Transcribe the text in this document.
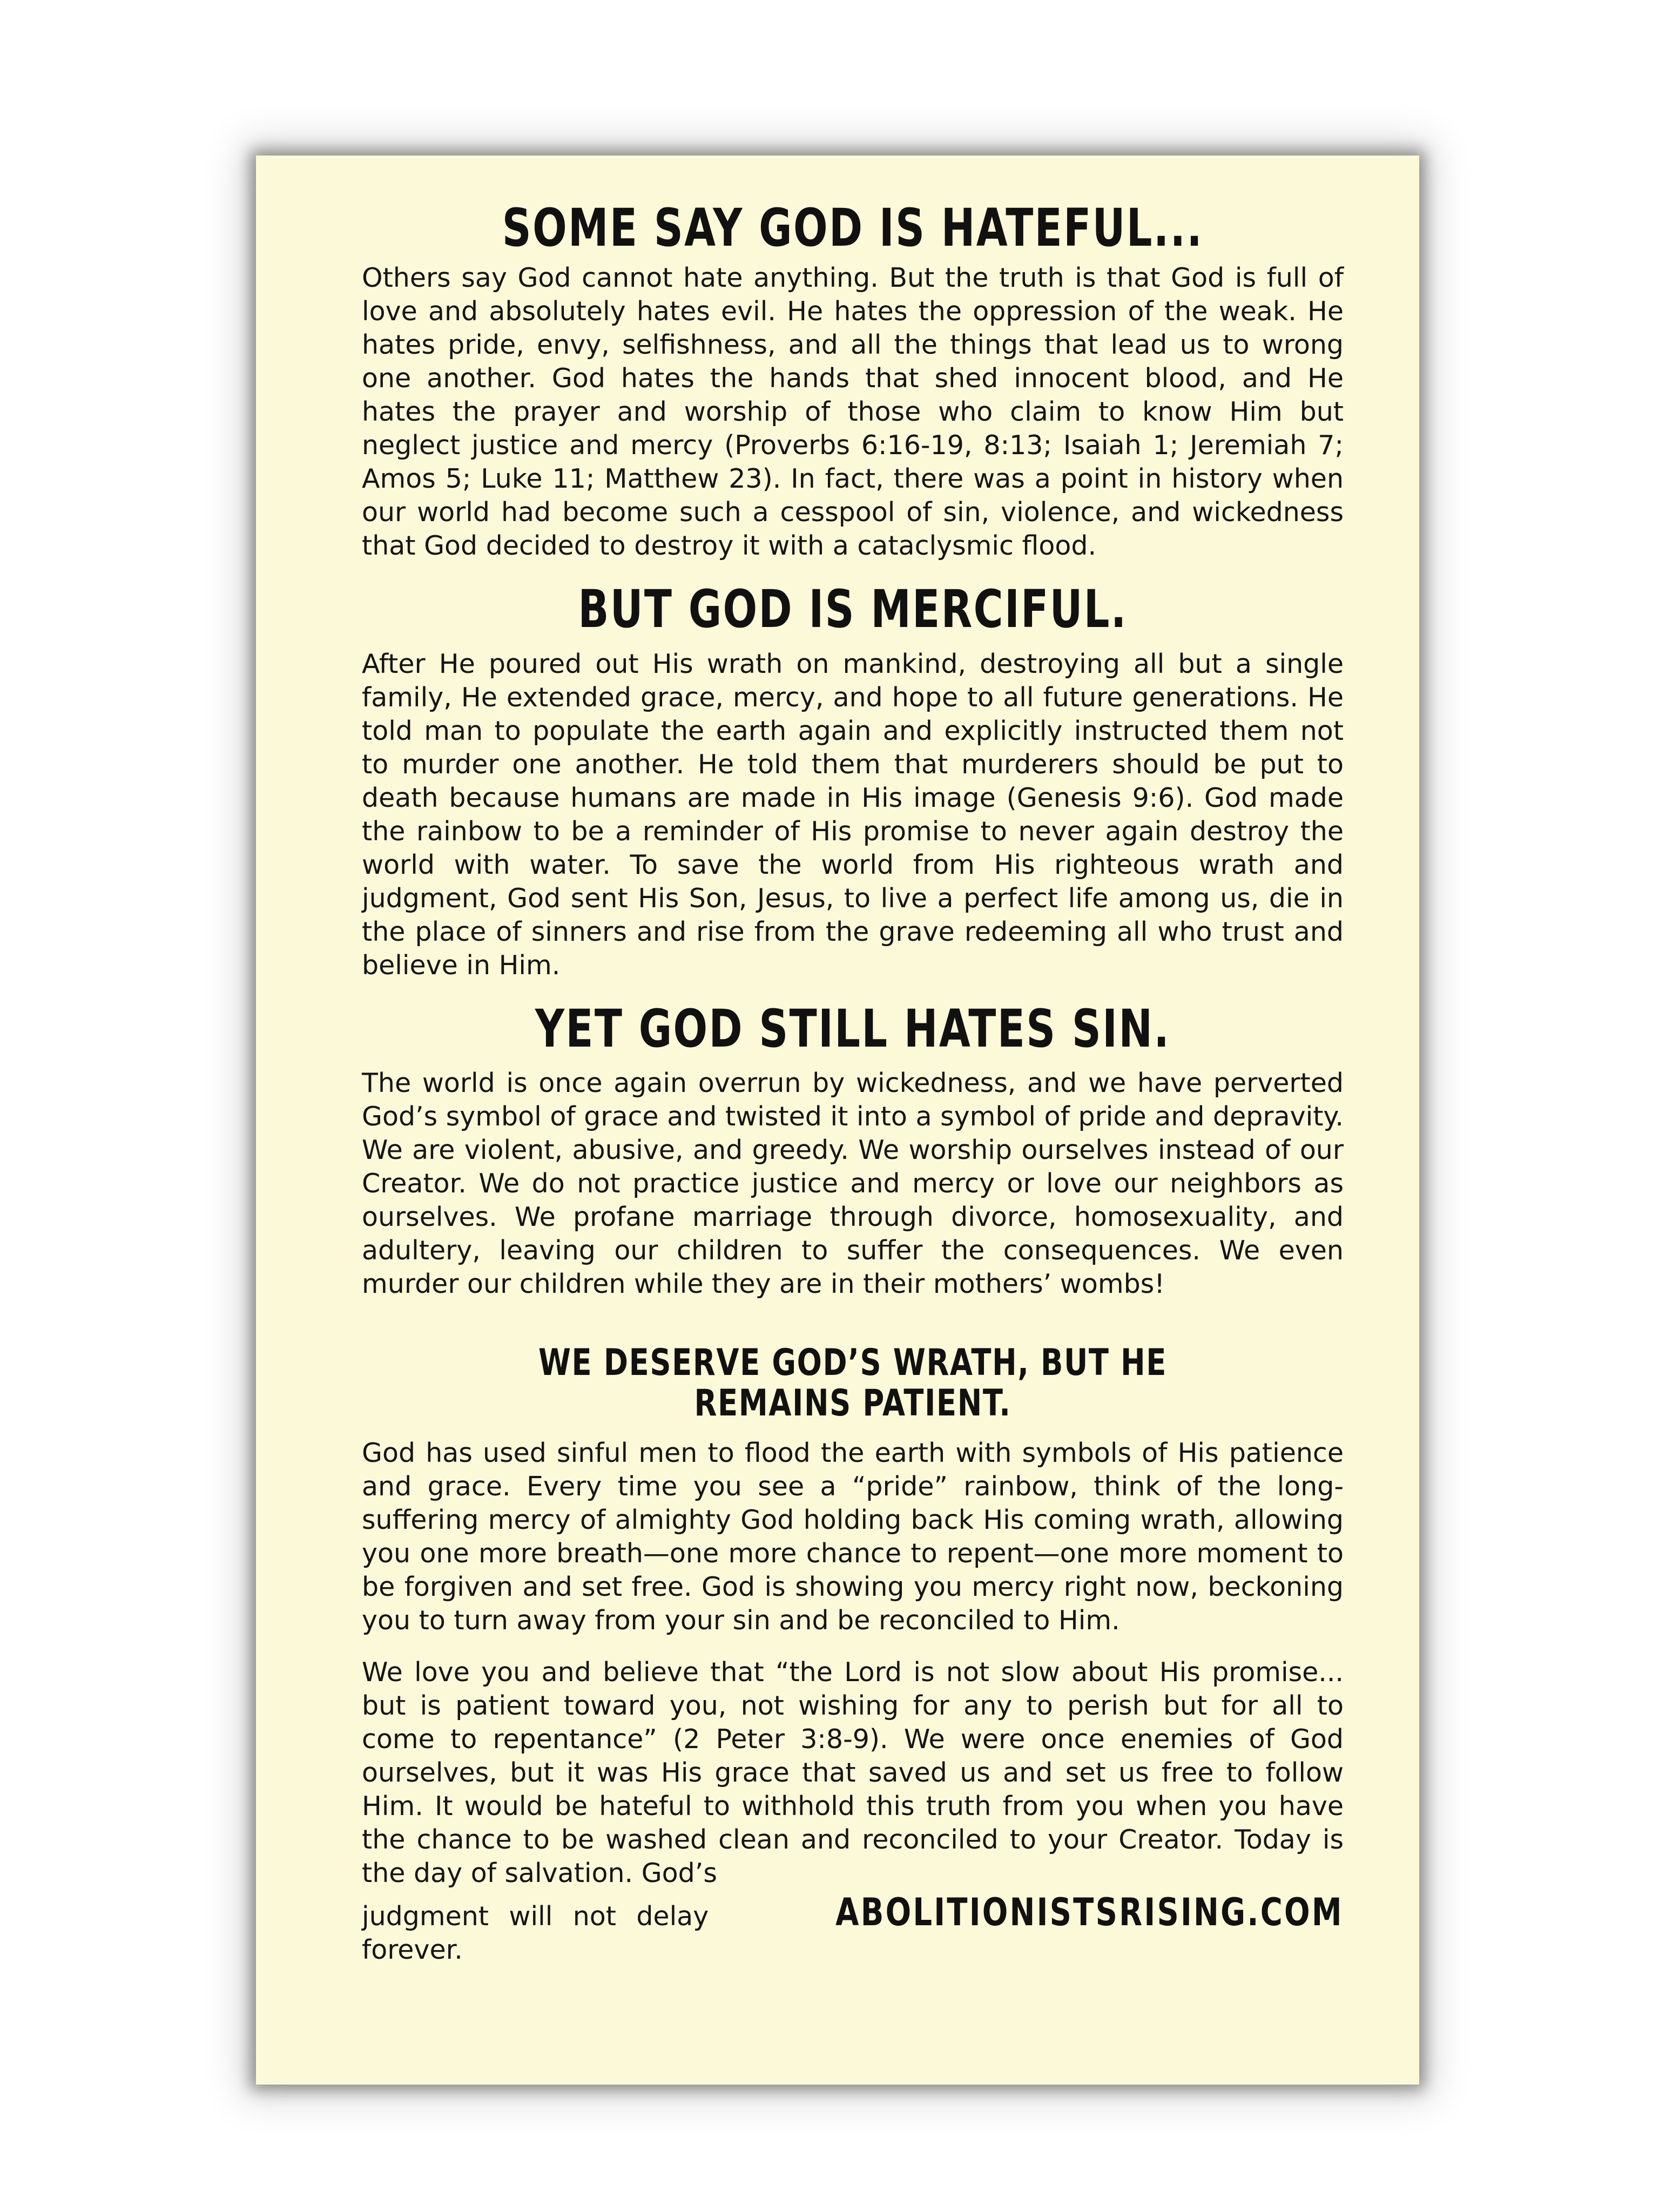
SOME SAY GOD IS HATEFUL...

Others say God cannot hate anything. But the truth is that God is full of love and absolutely hates evil. He hates the oppression of the weak. He hates pride, envy, selfishness, and all the things that lead us to wrong one another. God hates the hands that shed innocent blood, and He hates the prayer and worship of those who claim to know Him but neglect justice and mercy (Proverbs 6:16-19, 8:13; Isaiah 1; Jeremiah 7; Amos 5; Luke 11; Matthew 23). In fact, there was a point in history when our world had become such a cesspool of sin, violence, and wickedness that God decided to destroy it with a cataclysmic flood.

BUT GOD IS MERCIFUL.

After He poured out His wrath on mankind, destroying all but a single family, He extended grace, mercy, and hope to all future generations. He told man to populate the earth again and explicitly instructed them not to murder one another. He told them that murderers should be put to death because humans are made in His image (Genesis 9:6). God made the rainbow to be a reminder of His promise to never again destroy the world with water. To save the world from His righteous wrath and judgment, God sent His Son, Jesus, to live a perfect life among us, die in the place of sinners and rise from the grave redeeming all who trust and believe in Him.

YET GOD STILL HATES SIN.

The world is once again overrun by wickedness, and we have perverted God’s symbol of grace and twisted it into a symbol of pride and depravity. We are violent, abusive, and greedy. We worship ourselves instead of our Creator. We do not practice justice and mercy or love our neighbors as ourselves. We profane marriage through divorce, homosexuality, and adultery, leaving our children to suffer the consequences. We even murder our children while they are in their mothers’ wombs!

WE DESERVE GOD’S WRATH, BUT HE REMAINS PATIENT.

God has used sinful men to flood the earth with symbols of His patience and grace. Every time you see a “pride” rainbow, think of the long-suffering mercy of almighty God holding back His coming wrath, allowing you one more breath—one more chance to repent—one more moment to be forgiven and set free. God is showing you mercy right now, beckoning you to turn away from your sin and be reconciled to Him.

We love you and believe that “the Lord is not slow about His promise... but is patient toward you, not wishing for any to perish but for all to come to repentance” (2 Peter 3:8-9). We were once enemies of God ourselves, but it was His grace that saved us and set us free to follow Him. It would be hateful to withhold this truth from you when you have the chance to be washed clean and reconciled to your Creator. Today is the day of salvation. God’s

judgment will not delay forever.
ABOLITIONISTSRISING.COM
